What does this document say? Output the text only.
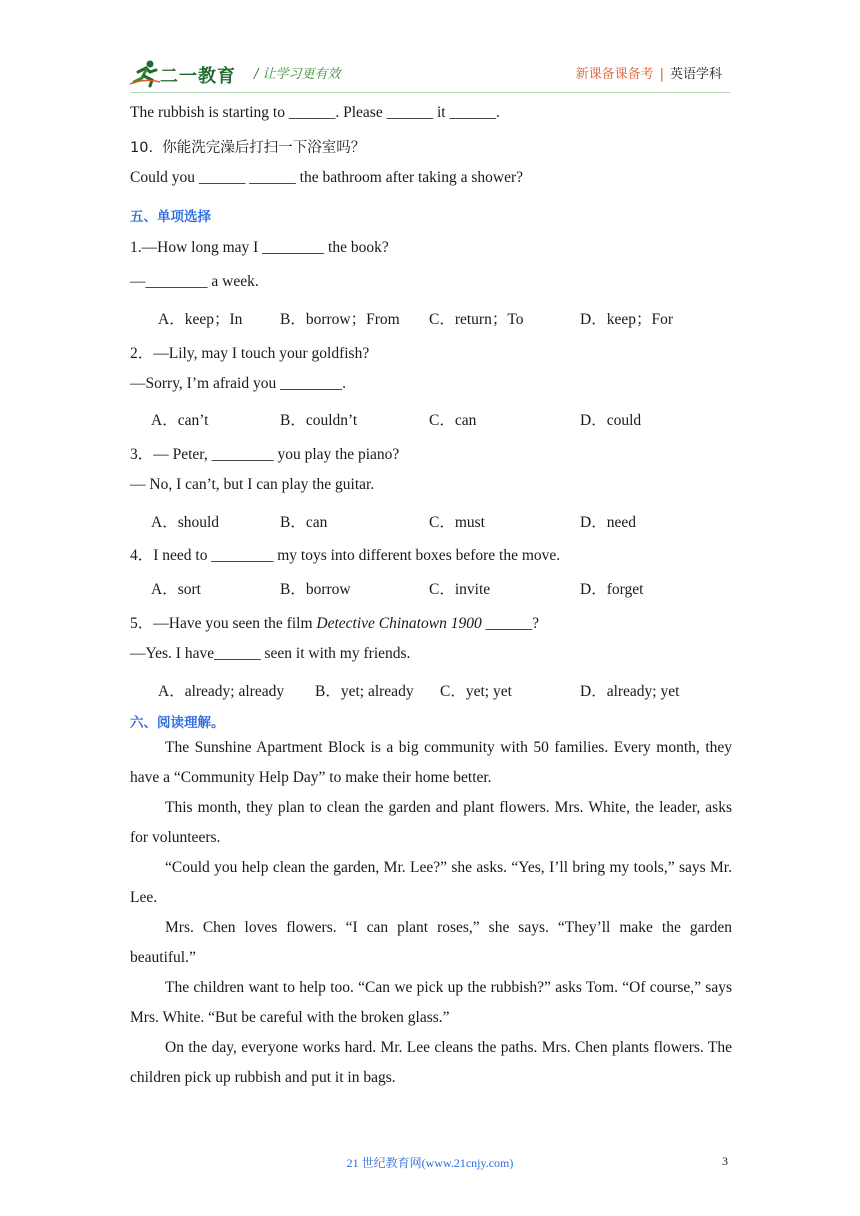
二一教育 / 让学习更有效	新课备课备考 | 英语学科
The rubbish is starting to ______. Please ______ it ______.
10.  你能洗完澡后打扫一下浴室吗？
Could you ______ ______ the bathroom after taking a shower?
五、单项选择
1.—How long may I ________ the book?
—________ a week.
A．keep；In B．borrow；From C．return；To	D．keep；For
2．—Lily, may I touch your goldfish?
—Sorry, I’m afraid you ________.
A．can’t	B．couldn’t	C．can	D．could
3．— Peter, ________ you play the piano?
— No, I can’t, but I can play the guitar.
A．should	B．can	C．must	D．need
4．I need to ________ my toys into different boxes before the move.
A．sort	B．borrow	C．invite	D．forget
5．—Have you seen the film Detective Chinatown 1900 ______?
—Yes. I have______ seen it with my friends.
A．already; already B．yet; already C．yet; yet	D．already; yet
六、阅读理解。
The Sunshine Apartment Block is a big community with 50 families. Every month, they have a “Community Help Day” to make their home better.
This month, they plan to clean the garden and plant flowers. Mrs. White, the leader, asks for volunteers.
“Could you help clean the garden, Mr. Lee?” she asks. “Yes, I’ll bring my tools,” says Mr. Lee.
Mrs. Chen loves flowers. “I can plant roses,” she says. “They’ll make the garden beautiful.”
The children want to help too. “Can we pick up the rubbish?” asks Tom. “Of course,” says Mrs. White. “But be careful with the broken glass.”
On the day, everyone works hard. Mr. Lee cleans the paths. Mrs. Chen plants flowers. The children pick up rubbish and put it in bags.
21 世纪教育网(www.21cnjy.com)	3
